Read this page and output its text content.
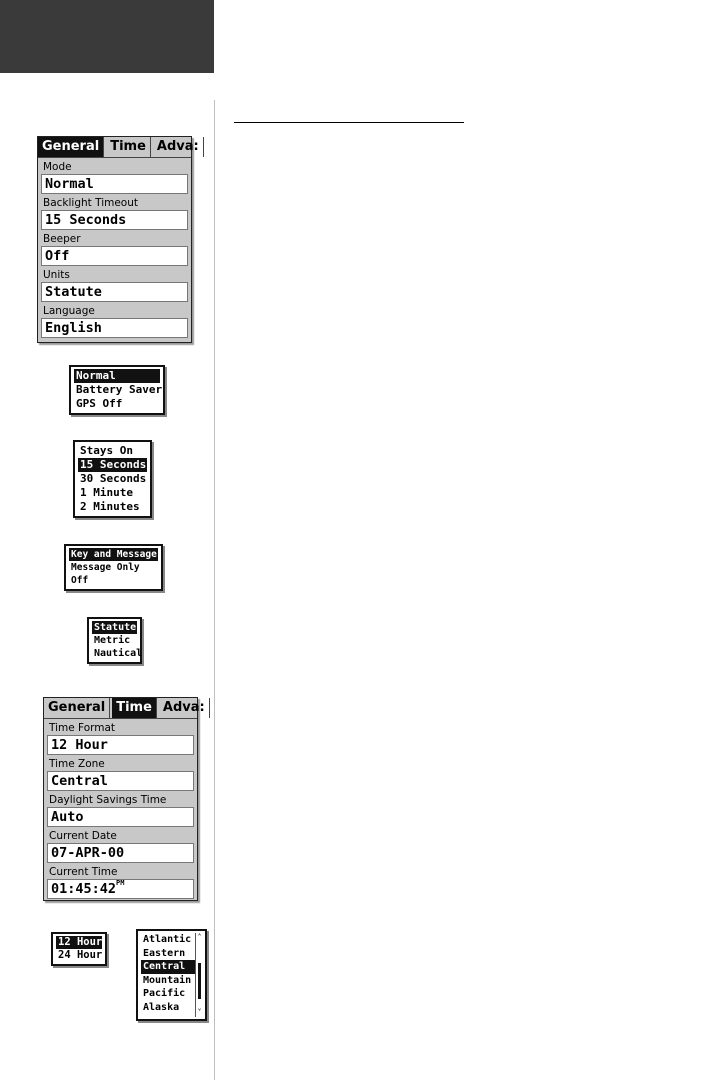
General Time Adva:
Mode
Normal
Backlight Timeout
15 Seconds
Beeper
Off
Units
Statute
Language
English
Normal
Battery Saver
GPS Off
Stays On
15 Seconds
30 Seconds
1 Minute
2 Minutes
Key and Message
Message Only
Off
Statute
Metric
Nautical
General Time Adva:
Time Format
12 Hour
Time Zone
Central
Daylight Savings Time
Auto
Current Date
07-APR-00
Current Time
01:45:42PM
12 Hour
24 Hour
Atlantic
Eastern
Central
Mountain
Pacific
Alaska
˄
˅
